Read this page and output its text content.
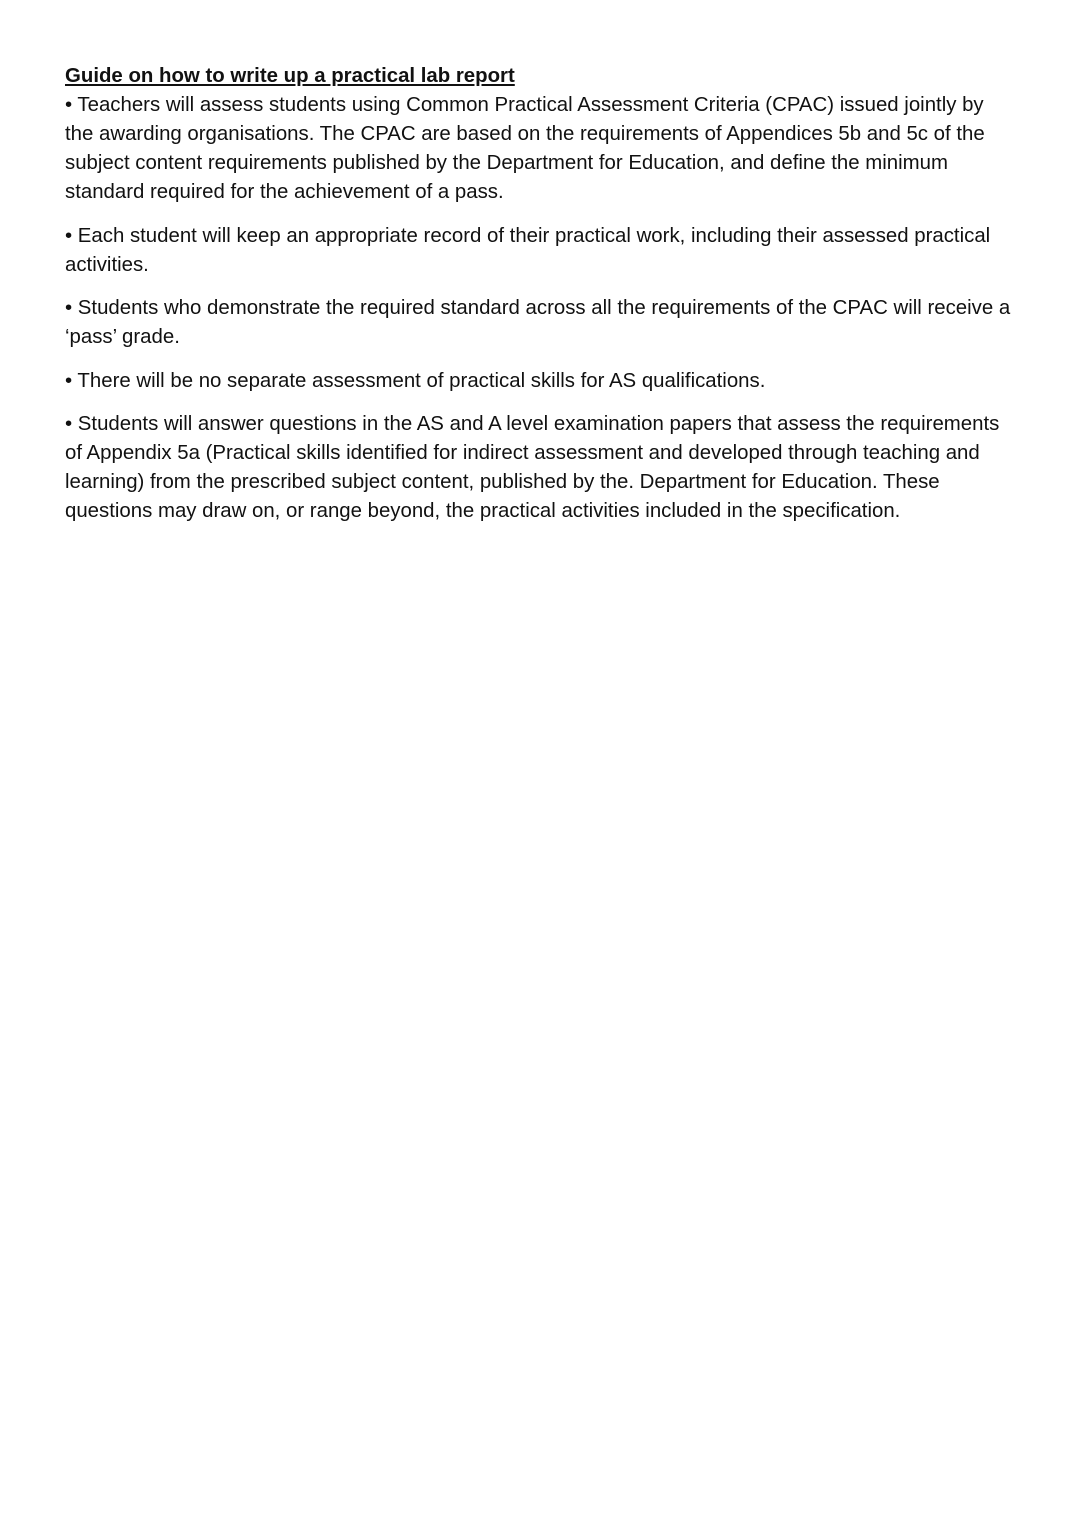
Guide on how to write up a practical lab report

• Teachers will assess students using Common Practical Assessment Criteria (CPAC) issued jointly by the awarding organisations. The CPAC are based on the requirements of Appendices 5b and 5c of the subject content requirements published by the Department for Education, and define the minimum standard required for the achievement of a pass.

• Each student will keep an appropriate record of their practical work, including their assessed practical activities.

• Students who demonstrate the required standard across all the requirements of the CPAC will receive a ‘pass’ grade.

• There will be no separate assessment of practical skills for AS qualifications.

• Students will answer questions in the AS and A level examination papers that assess the requirements of Appendix 5a (Practical skills identified for indirect assessment and developed through teaching and learning) from the prescribed subject content, published by the. Department for Education. These questions may draw on, or range beyond, the practical activities included in the specification.
